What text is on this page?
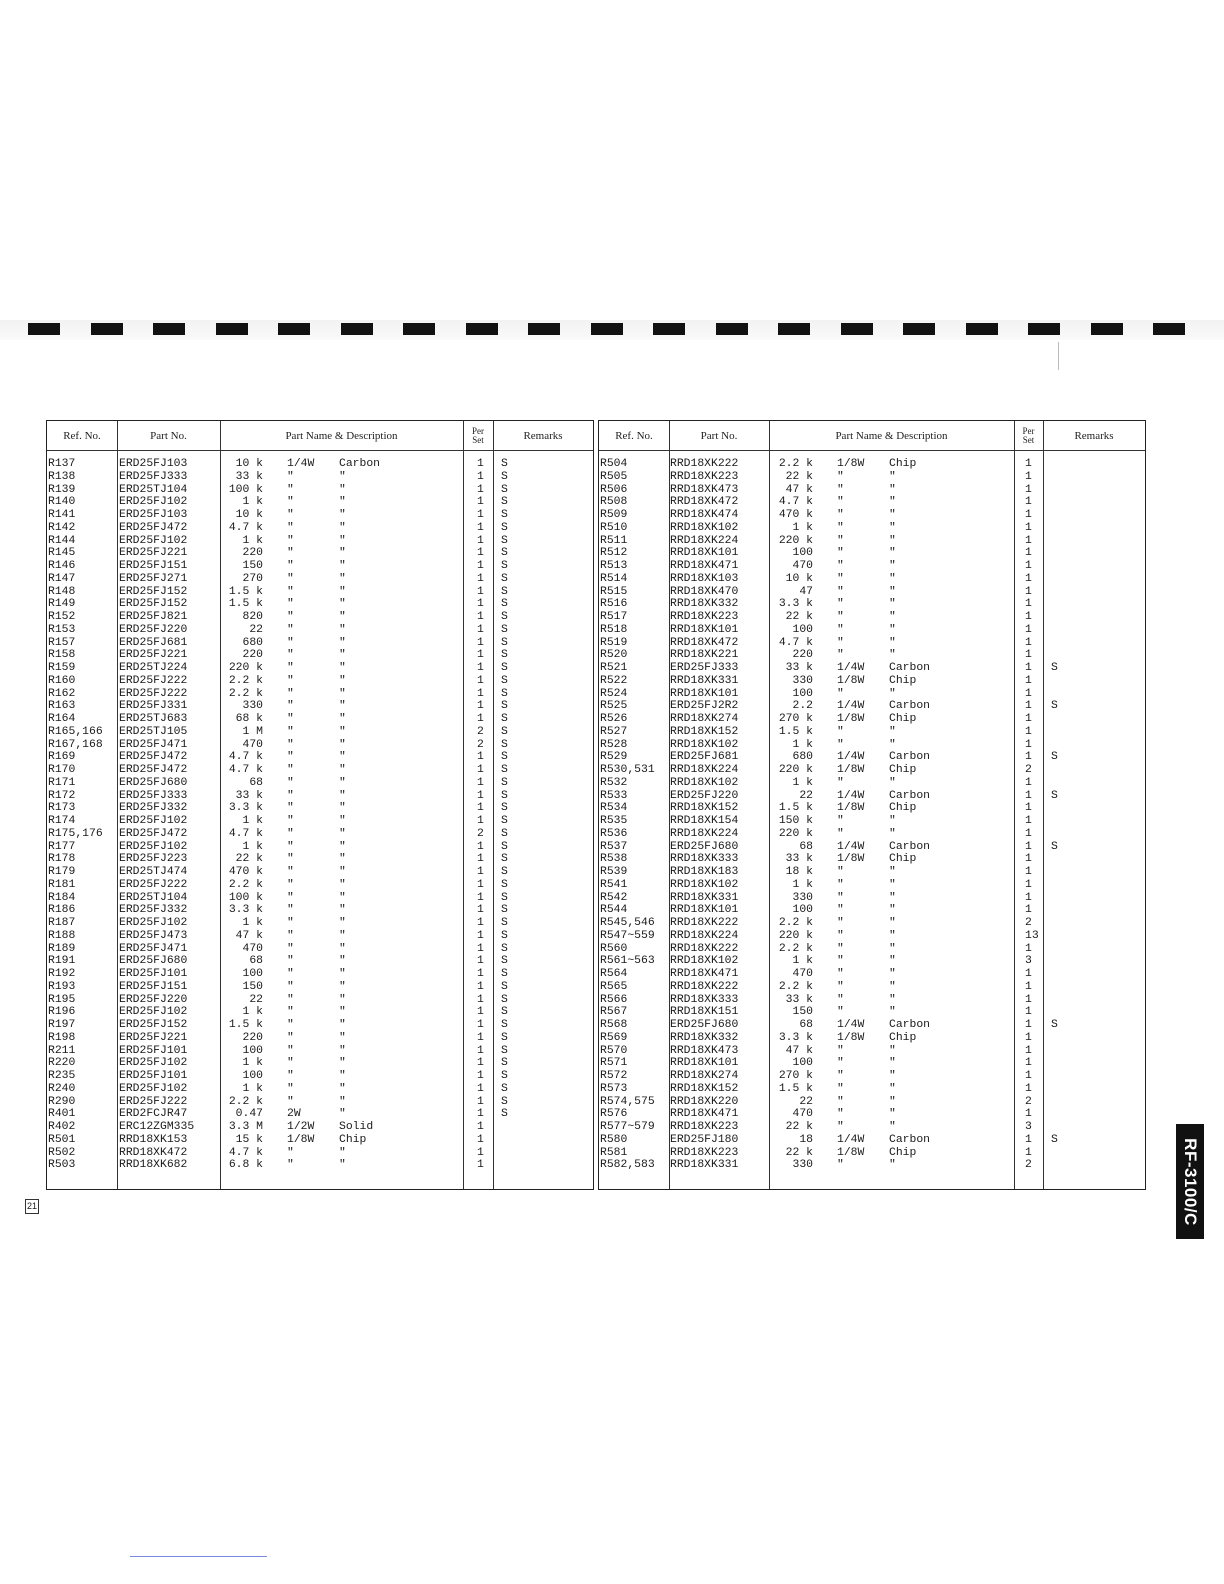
Ref. No.	Part No.	Part Name & Description	Per
Set	Remarks
R137	ERD25FJ103	10 k 1/4W Carbon	1 S
R138	ERD25FJ333	33 k "	"	1 S
R139	ERD25TJ104	100 k "	"	1 S
R140	ERD25FJ102	1 k "	"	1 S
R141	ERD25FJ103	10 k "	"	1 S
R142	ERD25FJ472	4.7 k "	"	1 S
R144	ERD25FJ102	1 k "	"	1 S
R145	ERD25FJ221	220 "	"	1 S
R146	ERD25FJ151	150 "	"	1 S
R147	ERD25FJ271	270 "	"	1 S
R148	ERD25FJ152	1.5 k "	"	1 S
R149	ERD25FJ152	1.5 k "	"	1 S
R152	ERD25FJ821	820 "	"	1 S
R153	ERD25FJ220	22 "	"	1 S
R157	ERD25FJ681	680 "	"	1 S
R158	ERD25FJ221	220 "	"	1 S
R159	ERD25TJ224	220 k "	"	1 S
R160	ERD25FJ222	2.2 k "	"	1 S
R162	ERD25FJ222	2.2 k "	"	1 S
R163	ERD25FJ331	330 "	"	1 S
R164	ERD25TJ683	68 k "	"	1 S
R165,166 ERD25TJ105	1 M "	"	2 S
R167,168 ERD25FJ471	470 "	"	2 S
R169	ERD25FJ472	4.7 k "	"	1 S
R170	ERD25FJ472	4.7 k "	"	1 S
R171	ERD25FJ680	68 "	"	1 S
R172	ERD25FJ333	33 k "	"	1 S
R173	ERD25FJ332	3.3 k "	"	1 S
R174	ERD25FJ102	1 k "	"	1 S
R175,176 ERD25FJ472	4.7 k "	"	2 S
R177	ERD25FJ102	1 k "	"	1 S
R178	ERD25FJ223	22 k "	"	1 S
R179	ERD25TJ474	470 k "	"	1 S
R181	ERD25FJ222	2.2 k "	"	1 S
R184	ERD25TJ104	100 k "	"	1 S
R186	ERD25FJ332	3.3 k "	"	1 S
R187	ERD25FJ102	1 k "	"	1 S
R188	ERD25FJ473	47 k "	"	1 S
R189	ERD25FJ471	470 "	"	1 S
R191	ERD25FJ680	68 "	"	1 S
R192	ERD25FJ101	100 "	"	1 S
R193	ERD25FJ151	150 "	"	1 S
R195	ERD25FJ220	22 "	"	1 S
R196	ERD25FJ102	1 k "	"	1 S
R197	ERD25FJ152	1.5 k "	"	1 S
R198	ERD25FJ221	220 "	"	1 S
R211	ERD25FJ101	100 "	"	1 S
R220	ERD25FJ102	1 k "	"	1 S
R235	ERD25FJ101	100 "	"	1 S
R240	ERD25FJ102	1 k "	"	1 S
R290	ERD25FJ222	2.2 k "	"	1 S
R401	ERD2FCJR47	0.47 2W	"	1 S
R402	ERC12ZGM335	3.3 M 1/2W Solid	1
R501	RRD18XK153	15 k 1/8W Chip	1
R502	RRD18XK472	4.7 k "	"	1
R503	RRD18XK682	6.8 k "	"	1
Ref. No.	Part No.	Part Name & Description	Per
Set	Remarks
R504	RRD18XK222	2.2 k 1/8W Chip	1
R505	RRD18XK223	22 k "	"	1
R506	RRD18XK473	47 k "	"	1
R508	RRD18XK472	4.7 k "	"	1
R509	RRD18XK474	470 k "	"	1
R510	RRD18XK102	1 k "	"	1
R511	RRD18XK224	220 k "	"	1
R512	RRD18XK101	100 "	"	1
R513	RRD18XK471	470 "	"	1
R514	RRD18XK103	10 k "	"	1
R515	RRD18XK470	47 "	"	1
R516	RRD18XK332	3.3 k "	"	1
R517	RRD18XK223	22 k "	"	1
R518	RRD18XK101	100 "	"	1
R519	RRD18XK472	4.7 k "	"	1
R520	RRD18XK221	220 "	"	1
R521	ERD25FJ333	33 k 1/4W Carbon	1 S
R522	RRD18XK331	330 1/8W Chip	1
R524	RRD18XK101	100 "	"	1
R525	ERD25FJ2R2	2.2 1/4W Carbon	1 S
R526	RRD18XK274	270 k 1/8W Chip	1
R527	RRD18XK152	1.5 k "	"	1
R528	RRD18XK102	1 k "	"	1
R529	ERD25FJ681	680 1/4W Carbon	1 S
R530,531 RRD18XK224	220 k 1/8W Chip	2
R532	RRD18XK102	1 k "	"	1
R533	ERD25FJ220	22 1/4W Carbon	1 S
R534	RRD18XK152	1.5 k 1/8W Chip	1
R535	RRD18XK154	150 k "	"	1
R536	RRD18XK224	220 k "	"	1
R537	ERD25FJ680	68 1/4W Carbon	1 S
R538	RRD18XK333	33 k 1/8W Chip	1
R539	RRD18XK183	18 k "	"	1
R541	RRD18XK102	1 k "	"	1
R542	RRD18XK331	330 "	"	1
R544	RRD18XK101	100 "	"	1
R545,546 RRD18XK222	2.2 k "	"	2
R547~559 RRD18XK224	220 k "	"	13
R560	RRD18XK222	2.2 k "	"	1
R561~563 RRD18XK102	1 k "	"	3
R564	RRD18XK471	470 "	"	1
R565	RRD18XK222	2.2 k "	"	1
R566	RRD18XK333	33 k "	"	1
R567	RRD18XK151	150 "	"	1
R568	ERD25FJ680	68 1/4W Carbon	1 S
R569	RRD18XK332	3.3 k 1/8W Chip	1
R570	RRD18XK473	47 k "	"	1
R571	RRD18XK101	100 "	"	1
R572	RRD18XK274	270 k "	"	1
R573	RRD18XK152	1.5 k "	"	1
R574,575 RRD18XK220	22 "	"	2
R576	RRD18XK471	470 "	"	1
R577~579 RRD18XK223	22 k "	"	3
R580	ERD25FJ180	18 1/4W Carbon	1 S
R581	RRD18XK223	22 k 1/8W Chip	1
R582,583 RRD18XK331	330 "	"	2
21	RF-3100/C
